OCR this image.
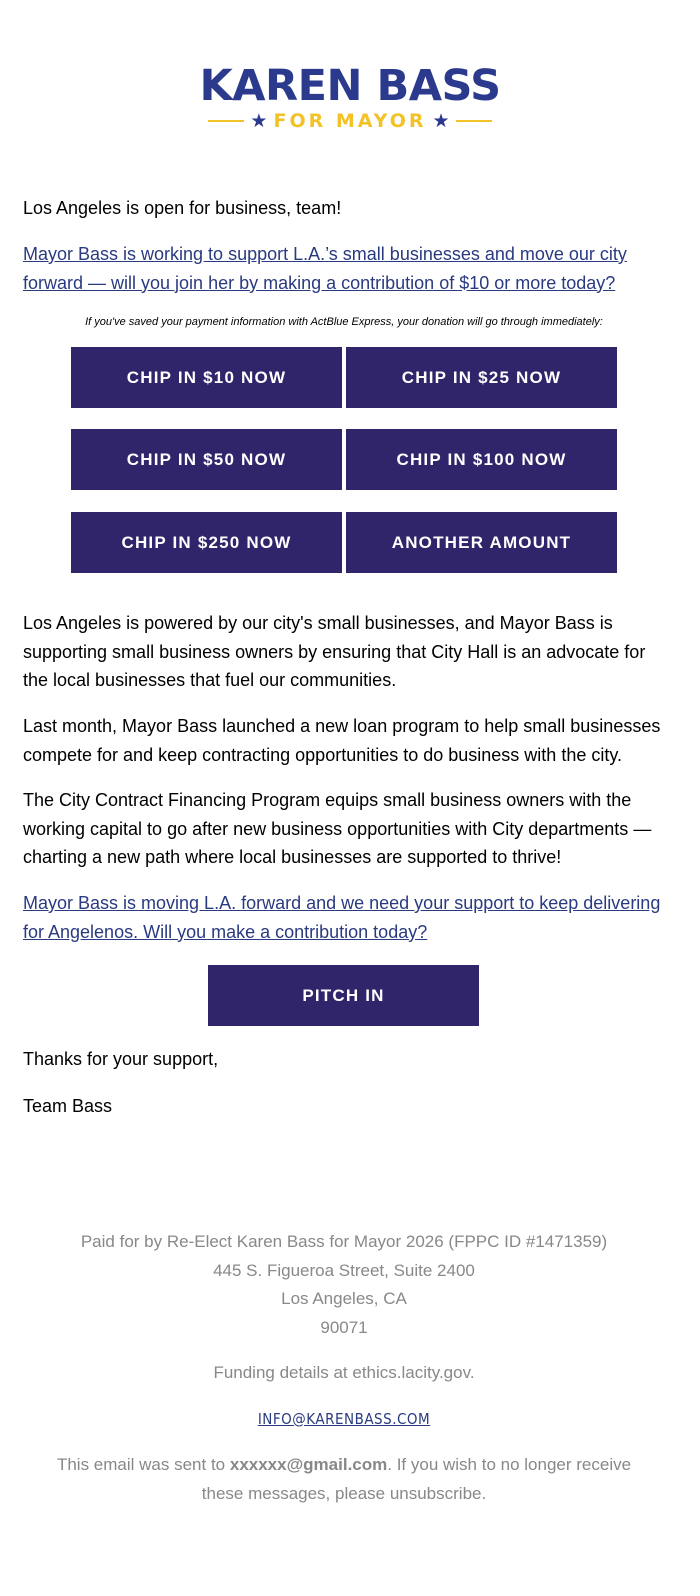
KAREN BASS
★ FOR MAYOR ★

Los Angeles is open for business, team!

Mayor Bass is working to support L.A.’s small businesses and move our city forward — will you join her by making a contribution of $10 or more today?

If you've saved your payment information with ActBlue Express, your donation will go through immediately:
CHIP IN $10 NOW	CHIP IN $25 NOW
CHIP IN $50 NOW	CHIP IN $100 NOW
CHIP IN $250 NOW	ANOTHER AMOUNT

Los Angeles is powered by our city's small businesses, and Mayor Bass is supporting small business owners by ensuring that City Hall is an advocate for the local businesses that fuel our communities.

Last month, Mayor Bass launched a new loan program to help small businesses compete for and keep contracting opportunities to do business with the city.

The City Contract Financing Program equips small business owners with the working capital to go after new business opportunities with City departments — charting a new path where local businesses are supported to thrive!

Mayor Bass is moving L.A. forward and we need your support to keep delivering for Angelenos. Will you make a contribution today?

PITCH IN

Thanks for your support,

Team Bass

Paid for by Re-Elect Karen Bass for Mayor 2026 (FPPC ID #1471359)
445 S. Figueroa Street, Suite 2400
Los Angeles, CA
90071
Funding details at ethics.lacity.gov.
INFO@KARENBASS.COM
This email was sent to xxxxxx@gmail.com. If you wish to no longer receive these messages, please unsubscribe.
